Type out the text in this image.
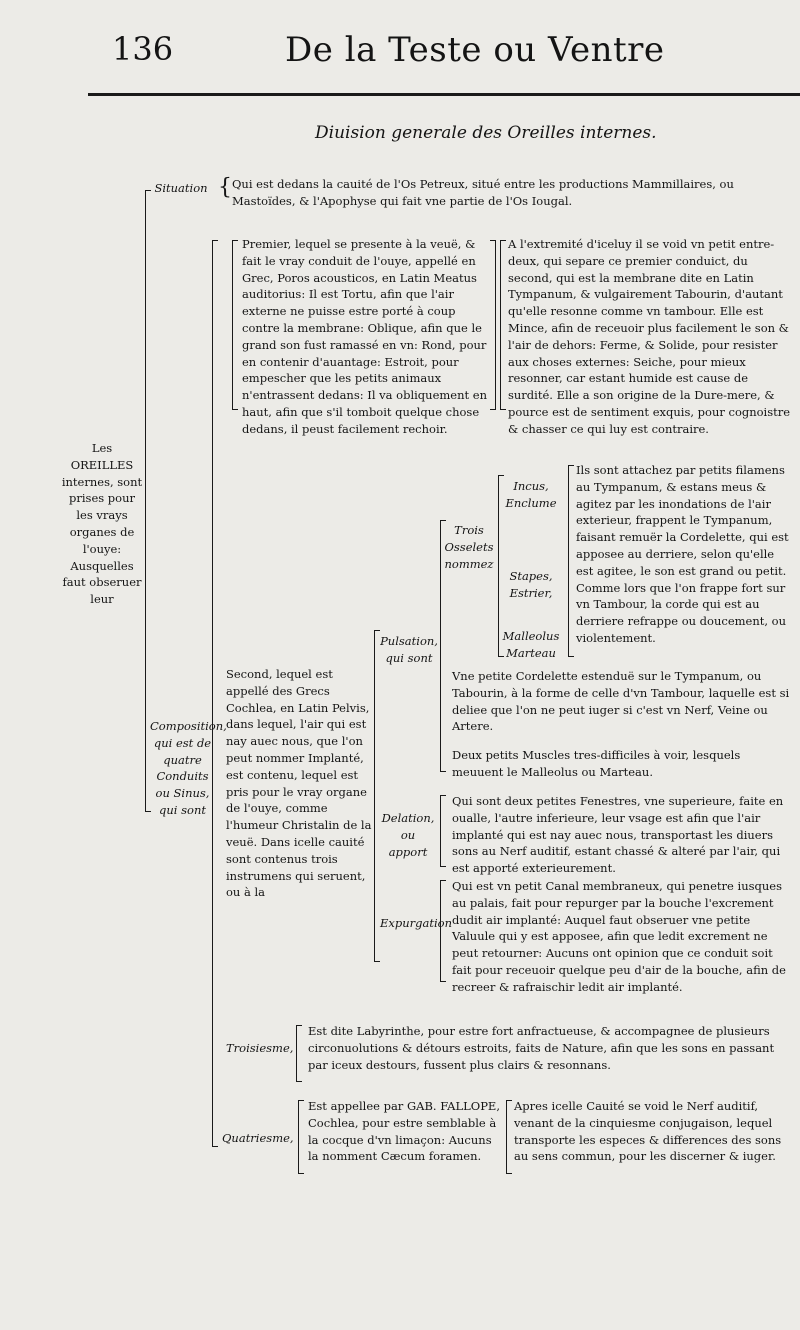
136	De la Teste ou Ventre
Diuision generale des Oreilles internes.
Les OREILLES internes, sont prises pour les vrays organes de l'ouye: Ausquelles faut obseruer leur
Situation { Qui est dedans la cauité de l'Os Petreux, situé entre les productions Mammillaires, ou Mastoïdes, & l'Apophyse qui fait vne partie de l'Os Iougal.
Composition, qui est de quatre Conduits ou Sinus, qui sont
Premier, lequel se presente à la veuë, & fait le vray conduit de l'ouye, appellé en Grec, Poros acousticos, en Latin Meatus auditorius: Il est Tortu, afin que l'air externe ne puisse estre porté à coup contre la membrane: Oblique, afin que le grand son fust ramassé en vn: Rond, pour en contenir d'auantage: Estroit, pour empescher que les petits animaux n'entrassent dedans: Il va obliquement en haut, afin que s'il tomboit quelque chose dedans, il peust facilement rechoir.
A l'extremité d'iceluy il se void vn petit entre-deux, qui separe ce premier conduict, du second, qui est la membrane dite en Latin Tympanum, & vulgairement Tabourin, d'autant qu'elle resonne comme vn tambour. Elle est Mince, afin de receuoir plus facilement le son & l'air de dehors: Ferme, & Solide, pour resister aux choses externes: Seiche, pour mieux resonner, car estant humide est cause de surdité. Elle a son origine de la Dure-mere, & pource est de sentiment exquis, pour cognoistre & chasser ce qui luy est contraire.
Second, lequel est appellé des Grecs Cochlea, en Latin Pelvis, dans lequel, l'air qui est nay auec nous, que l'on peut nommer Implanté, est contenu, lequel est pris pour le vray organe de l'ouye, comme l'humeur Christalin de la veuë. Dans icelle cauité sont contenus trois instrumens qui seruent, ou à la
Pulsation, qui sont
Trois Osselets nommez
Incus, Enclume
Stapes, Estrier,
Malleolus Marteau
Ils sont attachez par petits filamens au Tympanum, & estans meus & agitez par les inondations de l'air exterieur, frappent le Tympanum, faisant remuër la Cordelette, qui est apposee au derriere, selon qu'elle est agitee, le son est grand ou petit. Comme lors que l'on frappe fort sur vn Tambour, la corde qui est au derriere refrappe ou doucement, ou violentement.
Vne petite Cordelette estenduë sur le Tympanum, ou Tabourin, à la forme de celle d'vn Tambour, laquelle est si deliee que l'on ne peut iuger si c'est vn Nerf, Veine ou Artere.
Deux petits Muscles tres-difficiles à voir, lesquels meuuent le Malleolus ou Marteau.
Delation, ou apport
Qui sont deux petites Fenestres, vne superieure, faite en oualle, l'autre inferieure, leur vsage est afin que l'air implanté qui est nay auec nous, transportast les diuers sons au Nerf auditif, estant chassé & alteré par l'air, qui est apporté exterieurement.
Expurgation
Qui est vn petit Canal membraneux, qui penetre iusques au palais, fait pour repurger par la bouche l'excrement dudit air implanté: Auquel faut obseruer vne petite Valuule qui y est apposee, afin que ledit excrement ne peut retourner: Aucuns ont opinion que ce conduit soit fait pour receuoir quelque peu d'air de la bouche, afin de recreer & rafraischir ledit air implanté.
Troisiesme,
Est dite Labyrinthe, pour estre fort anfractueuse, & accompagnee de plusieurs circonuolutions & détours estroits, faits de Nature, afin que les sons en passant par iceux destours, fussent plus clairs & resonnans.
Quatriesme,
Est appellee par GAB. FALLOPE, Cochlea, pour estre semblable à la cocque d'vn limaçon: Aucuns la nomment Cæcum foramen.
Apres icelle Cauité se void le Nerf auditif, venant de la cinquiesme conjugaison, lequel transporte les especes & differences des sons au sens commun, pour les discerner & iuger.
